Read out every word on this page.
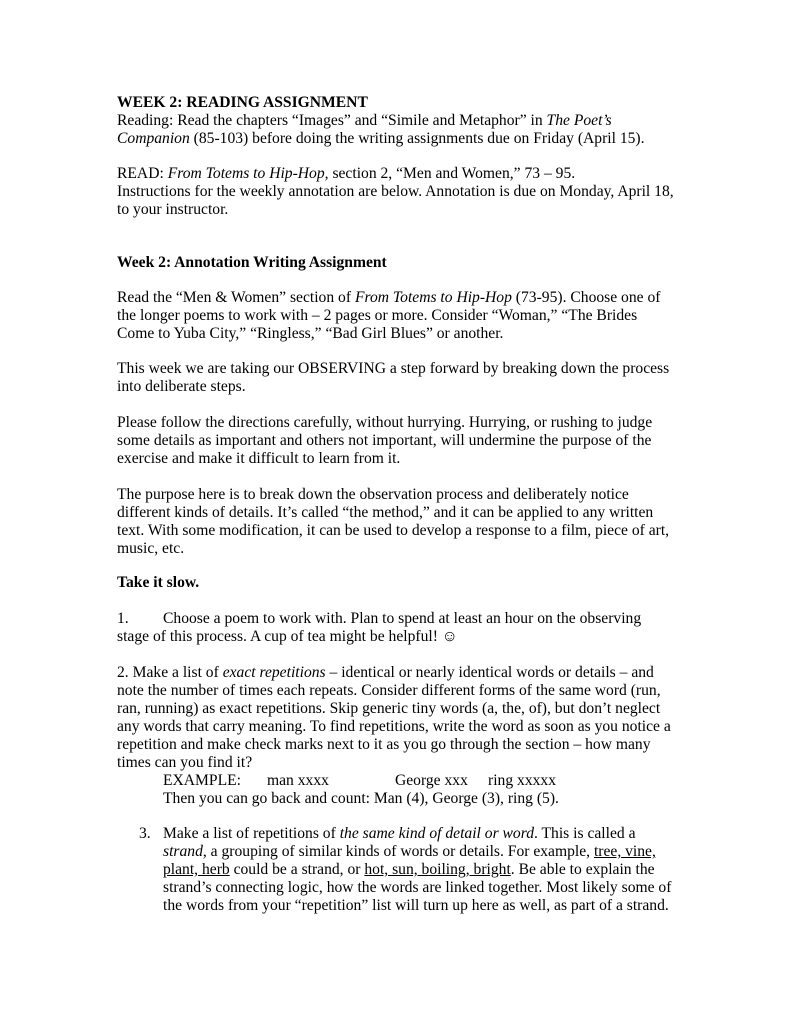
WEEK 2: READING ASSIGNMENT

Reading: Read the chapters “Images” and “Simile and Metaphor” in The Poet’s Companion (85-103) before doing the writing assignments due on Friday (April 15).

READ: From Totems to Hip-Hop, section 2, “Men and Women,” 73 – 95.

Instructions for the weekly annotation are below. Annotation is due on Monday, April 18, to your instructor.

Week 2: Annotation Writing Assignment

Read the “Men & Women” section of From Totems to Hip-Hop (73-95). Choose one of the longer poems to work with – 2 pages or more. Consider “Woman,” “The Brides Come to Yuba City,” “Ringless,” “Bad Girl Blues” or another.

This week we are taking our OBSERVING a step forward by breaking down the process into deliberate steps.

Please follow the directions carefully, without hurrying. Hurrying, or rushing to judge some details as important and others not important, will undermine the purpose of the exercise and make it difficult to learn from it.

The purpose here is to break down the observation process and deliberately notice different kinds of details. It’s called “the method,” and it can be applied to any written text. With some modification, it can be used to develop a response to a film, piece of art, music, etc.

Take it slow.

1. Choose a poem to work with. Plan to spend at least an hour on the observing stage of this process. A cup of tea might be helpful! ☺

2. Make a list of exact repetitions – identical or nearly identical words or details – and note the number of times each repeats. Consider different forms of the same word (run, ran, running) as exact repetitions. Skip generic tiny words (a, the, of), but don’t neglect any words that carry meaning. To find repetitions, write the word as soon as you notice a repetition and make check marks next to it as you go through the section – how many times can you find it?

EXAMPLE: man xxxx	George xxx ring xxxxx

Then you can go back and count: Man (4), George (3), ring (5).

3. Make a list of repetitions of the same kind of detail or word. This is called a strand, a grouping of similar kinds of words or details. For example, tree, vine, plant, herb could be a strand, or hot, sun, boiling, bright. Be able to explain the strand’s connecting logic, how the words are linked together. Most likely some of the words from your “repetition” list will turn up here as well, as part of a strand.
